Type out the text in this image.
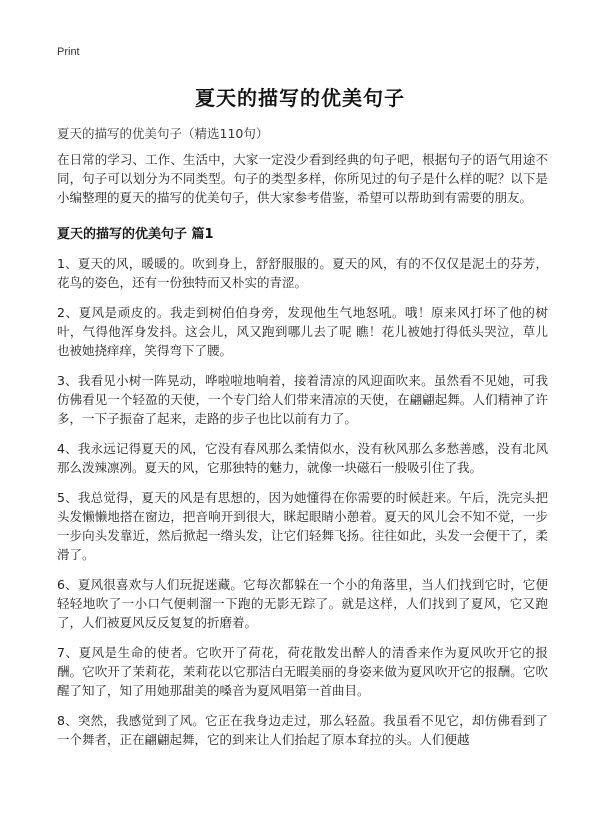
Print
夏天的描写的优美句子
夏天的描写的优美句子（精选110句）

在日常的学习、工作、生活中，大家一定没少看到经典的句子吧，根据句子的语气用途不同，句子可以划分为不同类型。句子的类型多样，你所见过的句子是什么样的呢？以下是小编整理的夏天的描写的优美句子，供大家参考借鉴，希望可以帮助到有需要的朋友。

夏天的描写的优美句子 篇1

1、夏天的风，暖暖的。吹到身上，舒舒服服的。夏天的风，有的不仅仅是泥土的芬芳，花鸟的姿色，还有一份独特而又朴实的青涩。

2、夏风是顽皮的。我走到树伯伯身旁，发现他生气地怒吼。哦！原来风打坏了他的树叶，气得他浑身发抖。这会儿，风又跑到哪儿去了呢 瞧！花儿被她打得低头哭泣，草儿也被她挠痒痒，笑得弯下了腰。

3、我看见小树一阵晃动，哗啦啦地响着，接着清凉的风迎面吹来。虽然看不见她，可我仿佛看见一个轻盈的天使，一个专门给人们带来清凉的天使，在翩翩起舞。人们精神了许多，一下子振奋了起来，走路的步子也比以前有力了。

4、我永远记得夏天的风，它没有春风那么柔情似水，没有秋风那么多愁善感，没有北风那么泼辣凛冽。夏天的风，它那独特的魅力，就像一块磁石一般吸引住了我。

5、我总觉得，夏天的风是有思想的，因为她懂得在你需要的时候赶来。午后，洗完头把头发懒懒地搭在窗边，把音响开到很大，眯起眼睛小憩着。夏天的风儿会不知不觉，一步一步向头发靠近，然后掀起一绺头发，让它们轻舞飞扬。往往如此，头发一会便干了，柔滑了。

6、夏风很喜欢与人们玩捉迷藏。它每次都躲在一个小的角落里，当人们找到它时，它便轻轻地吹了一小口气便刺溜一下跑的无影无踪了。就是这样，人们找到了夏风，它又跑了，人们被夏风反反复复的折磨着。

7、夏风是生命的使者。它吹开了荷花，荷花散发出醉人的清香来作为夏风吹开它的报酬。它吹开了茉莉花，茉莉花以它那洁白无暇美丽的身姿来做为夏风吹开它的报酬。它吹醒了知了，知了用她那甜美的嗓音为夏风唱第一首曲目。

8、突然，我感觉到了风。它正在我身边走过，那么轻盈。我虽看不见它，却仿佛看到了一个舞者，正在翩翩起舞，它的到来让人们抬起了原本耷拉的头。人们便越
